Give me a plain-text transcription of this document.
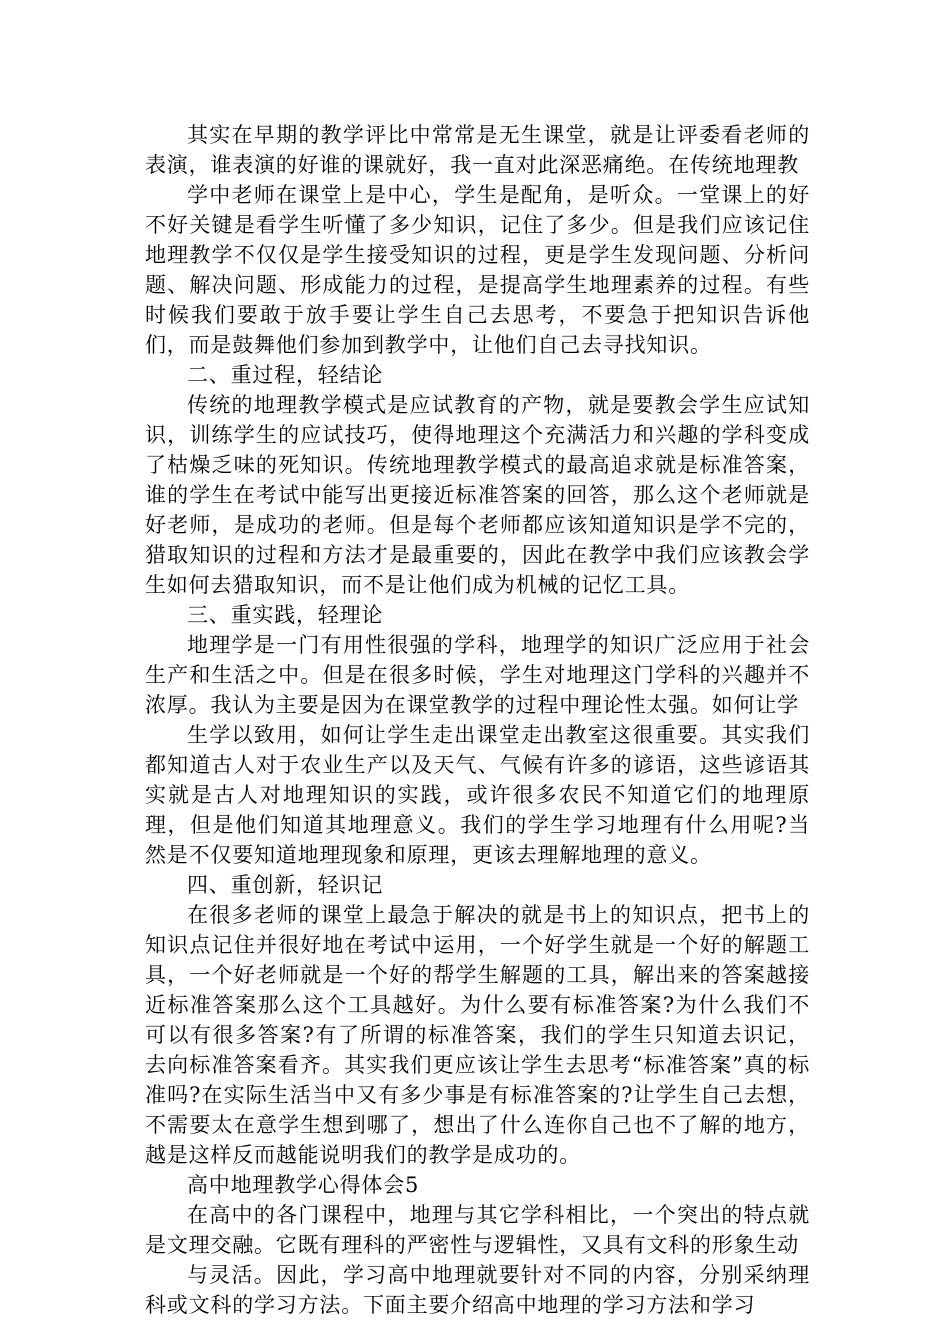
其实在早期的教学评比中常常是无生课堂，就是让评委看老师的表演，谁表演的好谁的课就好，我一直对此深恶痛绝。在传统地理教

学中老师在课堂上是中心，学生是配角，是听众。一堂课上的好不好关键是看学生听懂了多少知识，记住了多少。但是我们应该记住地理教学不仅仅是学生接受知识的过程，更是学生发现问题、分析问题、解决问题、形成能力的过程，是提高学生地理素养的过程。有些时候我们要敢于放手要让学生自己去思考，不要急于把知识告诉他们，而是鼓舞他们参加到教学中，让他们自己去寻找知识。

二、重过程，轻结论

传统的地理教学模式是应试教育的产物，就是要教会学生应试知识，训练学生的应试技巧，使得地理这个充满活力和兴趣的学科变成了枯燥乏味的死知识。传统地理教学模式的最高追求就是标准答案，谁的学生在考试中能写出更接近标准答案的回答，那么这个老师就是好老师，是成功的老师。但是每个老师都应该知道知识是学不完的，猎取知识的过程和方法才是最重要的，因此在教学中我们应该教会学生如何去猎取知识，而不是让他们成为机械的记忆工具。

三、重实践，轻理论

地理学是一门有用性很强的学科，地理学的知识广泛应用于社会生产和生活之中。但是在很多时候，学生对地理这门学科的兴趣并不浓厚。我认为主要是因为在课堂教学的过程中理论性太强。如何让学

生学以致用，如何让学生走出课堂走出教室这很重要。其实我们都知道古人对于农业生产以及天气、气候有许多的谚语，这些谚语其实就是古人对地理知识的实践，或许很多农民不知道它们的地理原理，但是他们知道其地理意义。我们的学生学习地理有什么用呢?当然是不仅要知道地理现象和原理，更该去理解地理的意义。

四、重创新，轻识记

在很多老师的课堂上最急于解决的就是书上的知识点，把书上的知识点记住并很好地在考试中运用，一个好学生就是一个好的解题工具，一个好老师就是一个好的帮学生解题的工具，解出来的答案越接近标准答案那么这个工具越好。为什么要有标准答案?为什么我们不可以有很多答案?有了所谓的标准答案，我们的学生只知道去识记，去向标准答案看齐。其实我们更应该让学生去思考“标准答案”真的标准吗?在实际生活当中又有多少事是有标准答案的?让学生自己去想，不需要太在意学生想到哪了，想出了什么连你自己也不了解的地方，越是这样反而越能说明我们的教学是成功的。

高中地理教学心得体会5

在高中的各门课程中，地理与其它学科相比，一个突出的特点就是文理交融。它既有理科的严密性与逻辑性，又具有文科的形象生动

与灵活。因此，学习高中地理就要针对不同的内容，分别采纳理科或文科的学习方法。下面主要介绍高中地理的学习方法和学习
